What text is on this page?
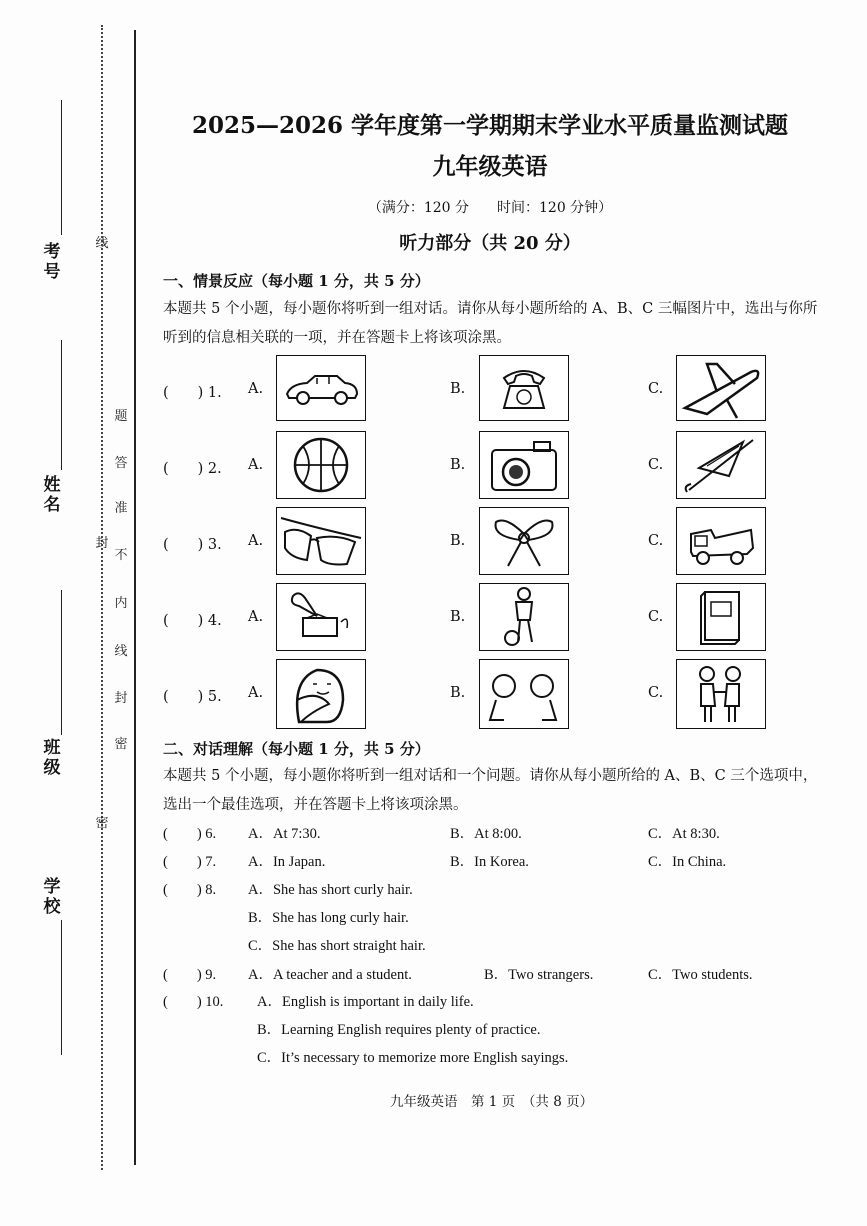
考号
姓名
班级
学校
线
封
密
密
封
线
内
不
准
答
题
2025—2026 学年度第一学期期末学业水平质量监测试题
九年级英语
（满分：120 分　　时间：120 分钟）
听力部分（共 20 分）
一、情景反应（每小题 1 分，共 5 分）
本题共 5 个小题，每小题你将听到一组对话。请你从每小题所给的 A、B、C 三幅图片中，选出与你所听到的信息相关联的一项，并在答题卡上将该项涂黑。
(　　) 1. A.	B.	C.
(　　) 2. A.	B.	C.
(　　) 3. A.	B.	C.
(　　) 4. A.	B.	C.
(　　) 5. A.	B.	C.
二、对话理解（每小题 1 分，共 5 分）
本题共 5 个小题，每小题你将听到一组对话和一个问题。请你从每小题所给的 A、B、C 三个选项中，选出一个最佳选项，并在答题卡上将该项涂黑。
(　　) 6. A．At 7:30.	B．At 8:00.	C．At 8:30.
(　　) 7. A．In Japan.	B．In Korea.	C．In China.
(　　) 8. A．She has short curly hair.
B．She has long curly hair.
C．She has short straight hair.
(　　) 9. A．A teacher and a student.	B．Two strangers.	C．Two students.
(　　) 10. A．English is important in daily life.
B．Learning English requires plenty of practice.
C．It’s necessary to memorize more English sayings.
九年级英语　第 1 页　（共 8 页）
